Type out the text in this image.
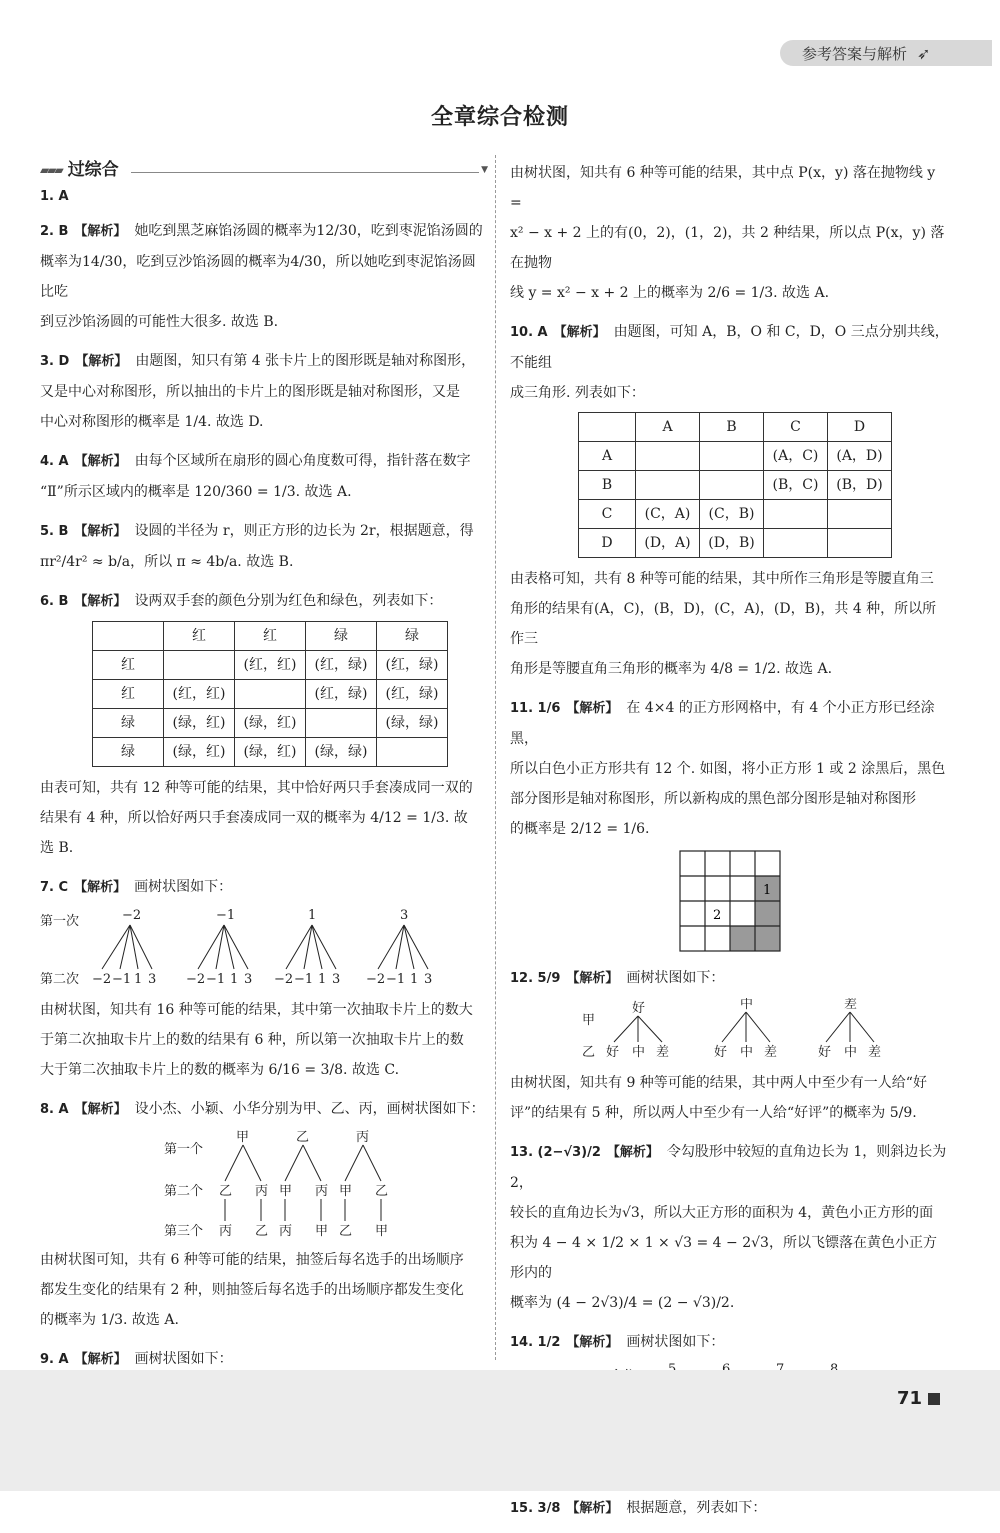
参考答案与解析 ➶
全章综合检测
▰▰▰ 过综合	▼
1. A
2. B 【解析】 她吃到黑芝麻馅汤圆的概率为12/30，吃到枣泥馅汤圆的
概率为14/30，吃到豆沙馅汤圆的概率为4/30，所以她吃到枣泥馅汤圆比吃
到豆沙馅汤圆的可能性大很多. 故选 B.
3. D 【解析】 由题图，知只有第 4 张卡片上的图形既是轴对称图形，
又是中心对称图形，所以抽出的卡片上的图形既是轴对称图形，又是
中心对称图形的概率是 1/4. 故选 D.
4. A 【解析】 由每个区域所在扇形的圆心角度数可得，指针落在数字
“Ⅱ”所示区域内的概率是 120/360 = 1/3. 故选 A.
5. B 【解析】 设圆的半径为 r，则正方形的边长为 2r，根据题意，得
πr²/4r² ≈ b/a，所以 π ≈ 4b/a. 故选 B.
6. B 【解析】 设两双手套的颜色分别为红色和绿色，列表如下：
	红	红	绿	绿
红		(红，红)	(红，绿)	(红，绿)
红	(红，红)		(红，绿)	(红，绿)
绿	(绿，红)	(绿，红)		(绿，绿)
绿	(绿，红)	(绿，红)	(绿，绿)	
由表可知，共有 12 种等可能的结果，其中恰好两只手套凑成同一双的
结果有 4 种，所以恰好两只手套凑成同一双的概率为 4/12 = 1/3. 故
选 B.
7. C 【解析】 画树状图如下：
第一次
第二次
−2	−1	1	3
−2 −1 1 3 −2 −1 1 3 −2 −1 1 3 −2 −1 1 3
由树状图，知共有 16 种等可能的结果，其中第一次抽取卡片上的数大
于第二次抽取卡片上的数的结果有 6 种，所以第一次抽取卡片上的数
大于第二次抽取卡片上的数的概率为 6/16 = 3/8. 故选 C.
8. A 【解析】 设小杰、小颖、小华分别为甲、乙、丙，画树状图如下：
第一个
第二个
第三个
甲	乙	丙
乙 丙 甲 丙 甲 乙
丙 乙 丙 甲 乙 甲
由树状图可知，共有 6 种等可能的结果，抽签后每名选手的出场顺序
都发生变化的结果有 2 种，则抽签后每名选手的出场顺序都发生变化
的概率为 1/3. 故选 A.
9. A 【解析】 画树状图如下：
由树状图，知共有 6 种等可能的结果，其中点 P(x，y) 落在抛物线 y =
x² − x + 2 上的有(0，2)，(1，2)，共 2 种结果，所以点 P(x，y) 落在抛物
线 y = x² − x + 2 上的概率为 2/6 = 1/3. 故选 A.
10. A 【解析】 由题图，可知 A，B，O 和 C，D，O 三点分别共线，不能组
成三角形. 列表如下：
	A	B	C	D
A			(A，C)	(A，D)
B			(B，C)	(B，D)
C	(C，A)	(C，B)		
D	(D，A)	(D，B)		
由表格可知，共有 8 种等可能的结果，其中所作三角形是等腰直角三
角形的结果有(A，C)，(B，D)，(C，A)，(D，B)，共 4 种，所以所作三
角形是等腰直角三角形的概率为 4/8 = 1/2. 故选 A.
11. 1/6 【解析】 在 4×4 的正方形网格中，有 4 个小正方形已经涂黑，
所以白色小正方形共有 12 个. 如图，将小正方形 1 或 2 涂黑后，黑色
部分图形是轴对称图形，所以新构成的黑色部分图形是轴对称图形
的概率是 2/12 = 1/6.
1
2
12. 5/9 【解析】 画树状图如下：
甲
乙
好	中	差
好 中 差	好 中 差	好 中 差
由树状图，知共有 9 种等可能的结果，其中两人中至少有一人给“好
评”的结果有 5 种，所以两人中至少有一人给“好评”的概率为 5/9.
13. (2−√3)/2 【解析】 令勾股形中较短的直角边长为 1，则斜边长为 2，
较长的直角边长为√3，所以大正方形的面积为 4，黄色小正方形的面
积为 4 − 4 × 1/2 × 1 × √3 = 4 − 2√3，所以飞镖落在黄色小正方形内的
概率为 (4 − 2√3)/4 = (2 − √3)/2.
14. 1/2 【解析】 画树状图如下：
15. 3/8 【解析】 根据题意，列表如下：
71
